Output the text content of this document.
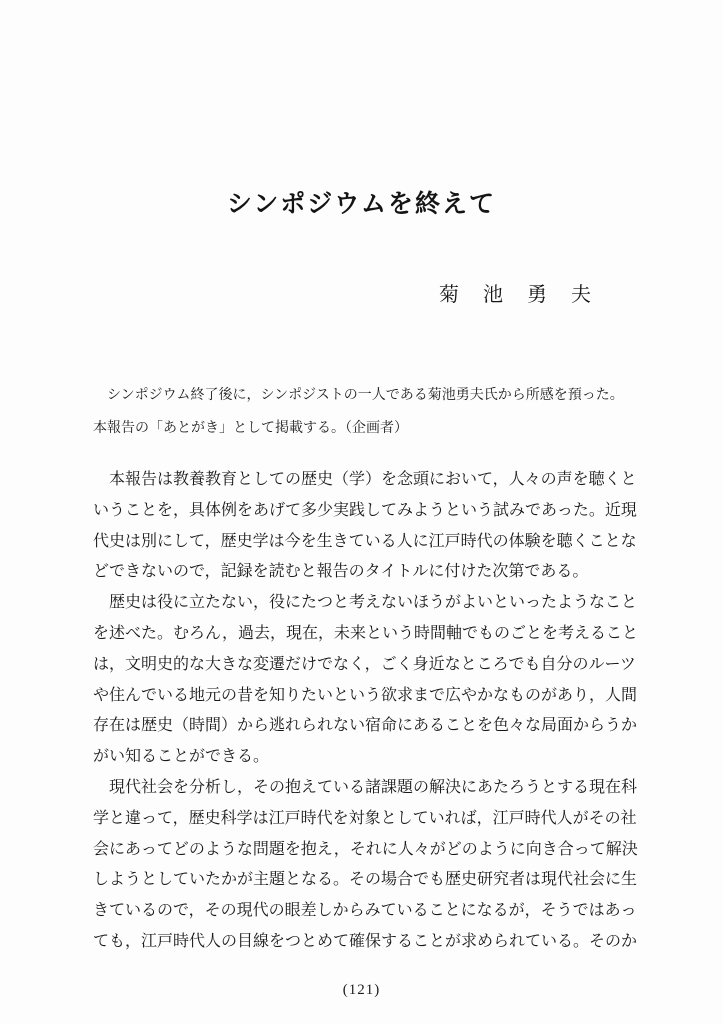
シンポジウムを終えて
菊　池　勇　夫
シンポジウム終了後に，シンポジストの一人である菊池勇夫氏から所感を預った。
本報告の「あとがき」として掲載する。（企画者）
本報告は教養教育としての歴史（学）を念頭において，人々の声を聴くと
いうことを，具体例をあげて多少実践してみようという試みであった。近現
代史は別にして，歴史学は今を生きている人に江戸時代の体験を聴くことな
どできないので，記録を読むと報告のタイトルに付けた次第である。
歴史は役に立たない，役にたつと考えないほうがよいといったようなこと
を述べた。むろん，過去，現在，未来という時間軸でものごとを考えること
は，文明史的な大きな変遷だけでなく，ごく身近なところでも自分のルーツ
や住んでいる地元の昔を知りたいという欲求まで広やかなものがあり，人間
存在は歴史（時間）から逃れられない宿命にあることを色々な局面からうか
がい知ることができる。
現代社会を分析し，その抱えている諸課題の解決にあたろうとする現在科
学と違って，歴史科学は江戸時代を対象としていれば，江戸時代人がその社
会にあってどのような問題を抱え，それに人々がどのように向き合って解決
しようとしていたかが主題となる。その場合でも歴史研究者は現代社会に生
きているので，その現代の眼差しからみていることになるが，そうではあっ
ても，江戸時代人の目線をつとめて確保することが求められている。そのか
(121)
